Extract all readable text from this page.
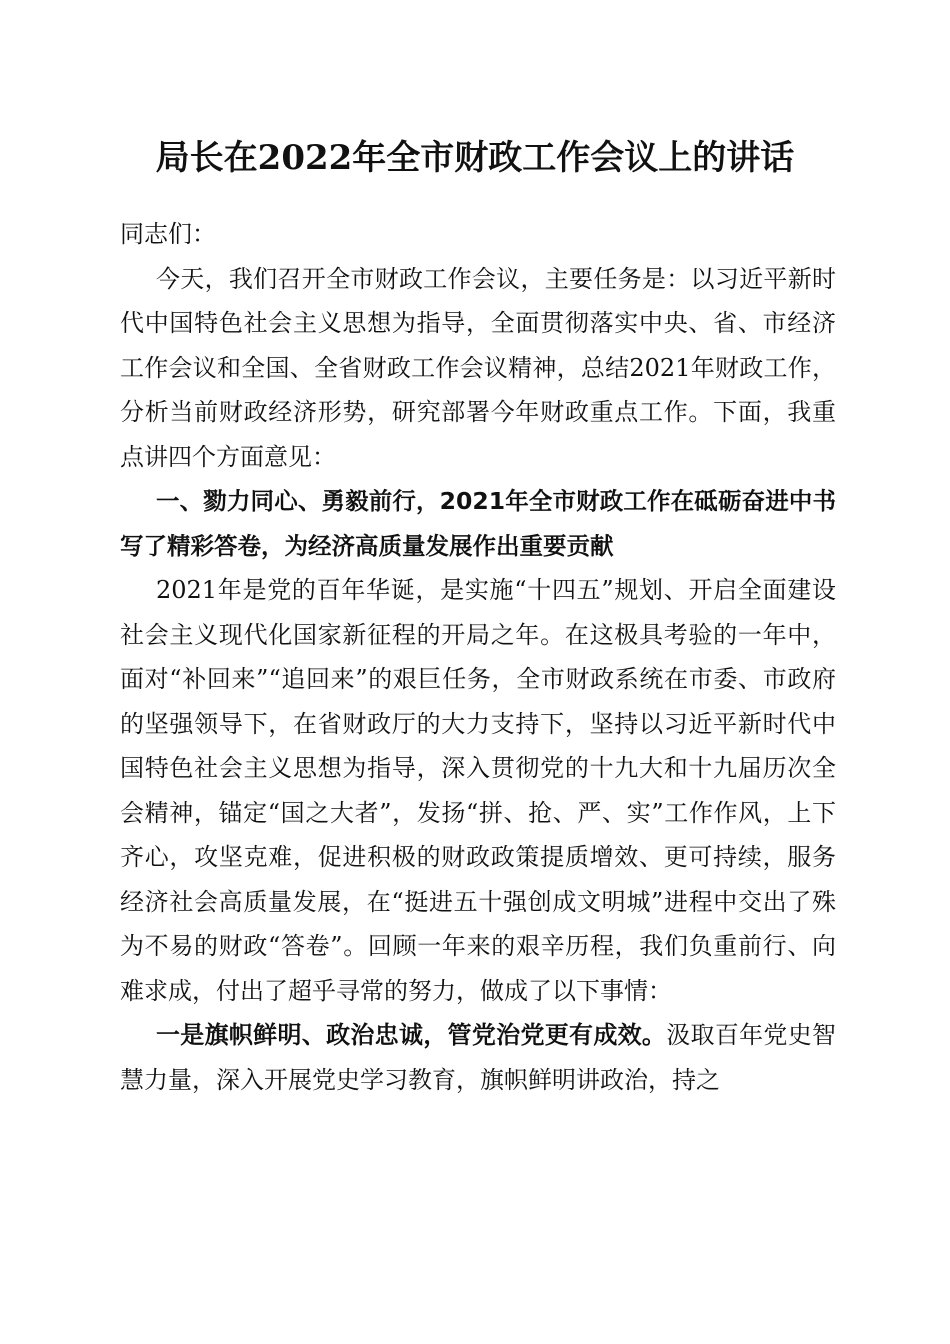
局长在2022年全市财政工作会议上的讲话

同志们：

今天，我们召开全市财政工作会议，主要任务是：以习近平新时代中国特色社会主义思想为指导，全面贯彻落实中央、省、市经济工作会议和全国、全省财政工作会议精神，总结2021年财政工作，分析当前财政经济形势，研究部署今年财政重点工作。下面，我重点讲四个方面意见：

一、勠力同心、勇毅前行，2021年全市财政工作在砥砺奋进中书写了精彩答卷，为经济高质量发展作出重要贡献

2021年是党的百年华诞，是实施“十四五”规划、开启全面建设社会主义现代化国家新征程的开局之年。在这极具考验的一年中，面对“补回来”“追回来”的艰巨任务，全市财政系统在市委、市政府的坚强领导下，在省财政厅的大力支持下，坚持以习近平新时代中国特色社会主义思想为指导，深入贯彻党的十九大和十九届历次全会精神，锚定“国之大者”，发扬“拼、抢、严、实”工作作风，上下齐心，攻坚克难，促进积极的财政政策提质增效、更可持续，服务经济社会高质量发展，在“挺进五十强创成文明城”进程中交出了殊为不易的财政“答卷”。回顾一年来的艰辛历程，我们负重前行、向难求成，付出了超乎寻常的努力，做成了以下事情：

一是旗帜鲜明、政治忠诚，管党治党更有成效。汲取百年党史智慧力量，深入开展党史学习教育，旗帜鲜明讲政治，持之
